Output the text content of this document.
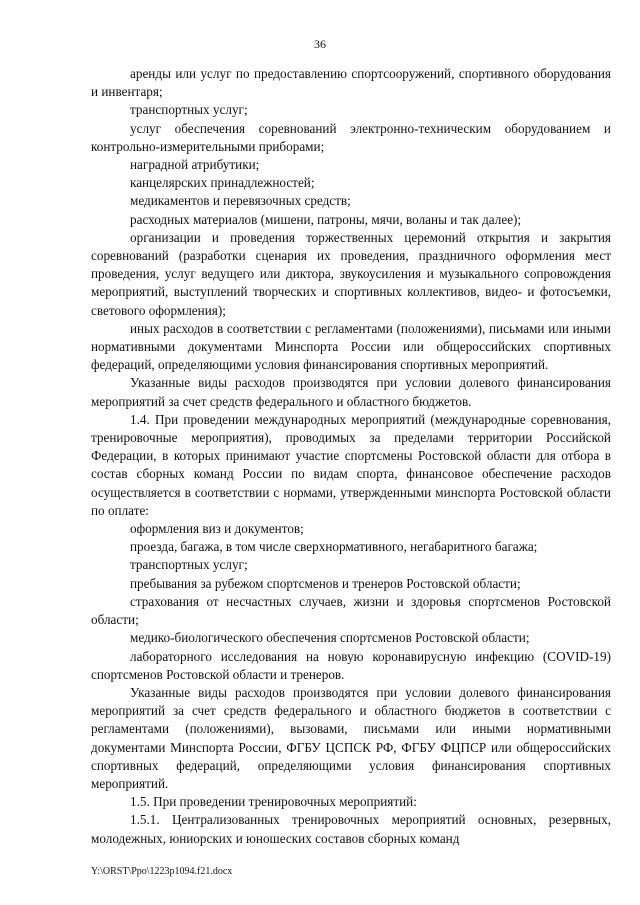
36

аренды или услуг по предоставлению спортсооружений, спортивного оборудования и инвентаря;

транспортных услуг;

услуг обеспечения соревнований электронно-техническим оборудованием и контрольно-измерительными приборами;

наградной атрибутики;

канцелярских принадлежностей;

медикаментов и перевязочных средств;

расходных материалов (мишени, патроны, мячи, воланы и так далее);

организации и проведения торжественных церемоний открытия и закрытия соревнований (разработки сценария их проведения, праздничного оформления мест проведения, услуг ведущего или диктора, звукоусиления и музыкального сопровождения мероприятий, выступлений творческих и спортивных коллективов, видео- и фотосъемки, светового оформления);

иных расходов в соответствии с регламентами (положениями), письмами или иными нормативными документами Минспорта России или общероссийских спортивных федераций, определяющими условия финансирования спортивных мероприятий.

Указанные виды расходов производятся при условии долевого финансирования мероприятий за счет средств федерального и областного бюджетов.

1.4. При проведении международных мероприятий (международные соревнования, тренировочные мероприятия), проводимых за пределами территории Российской Федерации, в которых принимают участие спортсмены Ростовской области для отбора в состав сборных команд России по видам спорта, финансовое обеспечение расходов осуществляется в соответствии с нормами, утвержденными минспорта Ростовской области по оплате:

оформления виз и документов;

проезда, багажа, в том числе сверхнормативного, негабаритного багажа;

транспортных услуг;

пребывания за рубежом спортсменов и тренеров Ростовской области;

страхования от несчастных случаев, жизни и здоровья спортсменов Ростовской области;

медико-биологического обеспечения спортсменов Ростовской области;

лабораторного исследования на новую коронавирусную инфекцию (COVID-19) спортсменов Ростовской области и тренеров.

Указанные виды расходов производятся при условии долевого финансирования мероприятий за счет средств федерального и областного бюджетов в соответствии с регламентами (положениями), вызовами, письмами или иными нормативными документами Минспорта России, ФГБУ ЦСПСК РФ, ФГБУ ФЦПСР или общероссийских спортивных федераций, определяющими условия финансирования спортивных мероприятий.

1.5. При проведении тренировочных мероприятий:

1.5.1. Централизованных тренировочных мероприятий основных, резервных, молодежных, юниорских и юношеских составов сборных команд

Y:\ORST\Ppo\1223p1094.f21.docx
